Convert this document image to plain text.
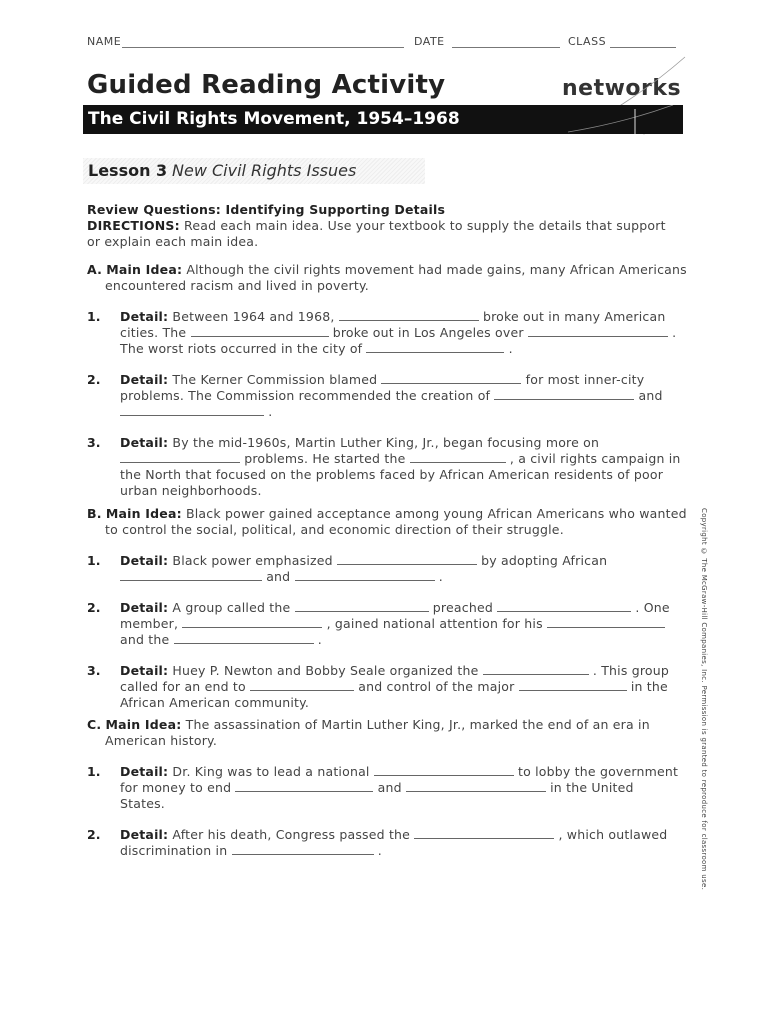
NAME	DATE	CLASS
Guided Reading Activity	networks
The Civil Rights Movement, 1954–1968
Lesson 3 New Civil Rights Issues
Review Questions: Identifying Supporting Details
DIRECTIONS: Read each main idea. Use your textbook to supply the details that support
or explain each main idea.
A. Main Idea: Although the civil rights movement had made gains, many African Americans
encountered racism and lived in poverty.
1. Detail: Between 1964 and 1968,	broke out in many American
cities. The	broke out in Los Angeles over	.
The worst riots occurred in the city of	.
2. Detail: The Kerner Commission blamed	for most inner-city
problems. The Commission recommended the creation of	and
.
3. Detail: By the mid-1960s, Martin Luther King, Jr., began focusing more on
problems. He started the	, a civil rights campaign in
the North that focused on the problems faced by African American residents of poor
urban neighborhoods.
B. Main Idea: Black power gained acceptance among young African Americans who wanted
to control the social, political, and economic direction of their struggle.
1. Detail: Black power emphasized	by adopting African
and	.
2. Detail: A group called the	preached	. One
member,	, gained national attention for his
and the	.
3. Detail: Huey P. Newton and Bobby Seale organized the	. This group
called for an end to	and control of the major	in the
African American community.
C. Main Idea: The assassination of Martin Luther King, Jr., marked the end of an era in
American history.
1. Detail: Dr. King was to lead a national	to lobby the government
for money to end	and	in the United
States.
2. Detail: After his death, Congress passed the	, which outlawed
discrimination in	.	Copyright © The McGraw-Hill Companies, Inc. Permission is granted to reproduce for classroom use.
